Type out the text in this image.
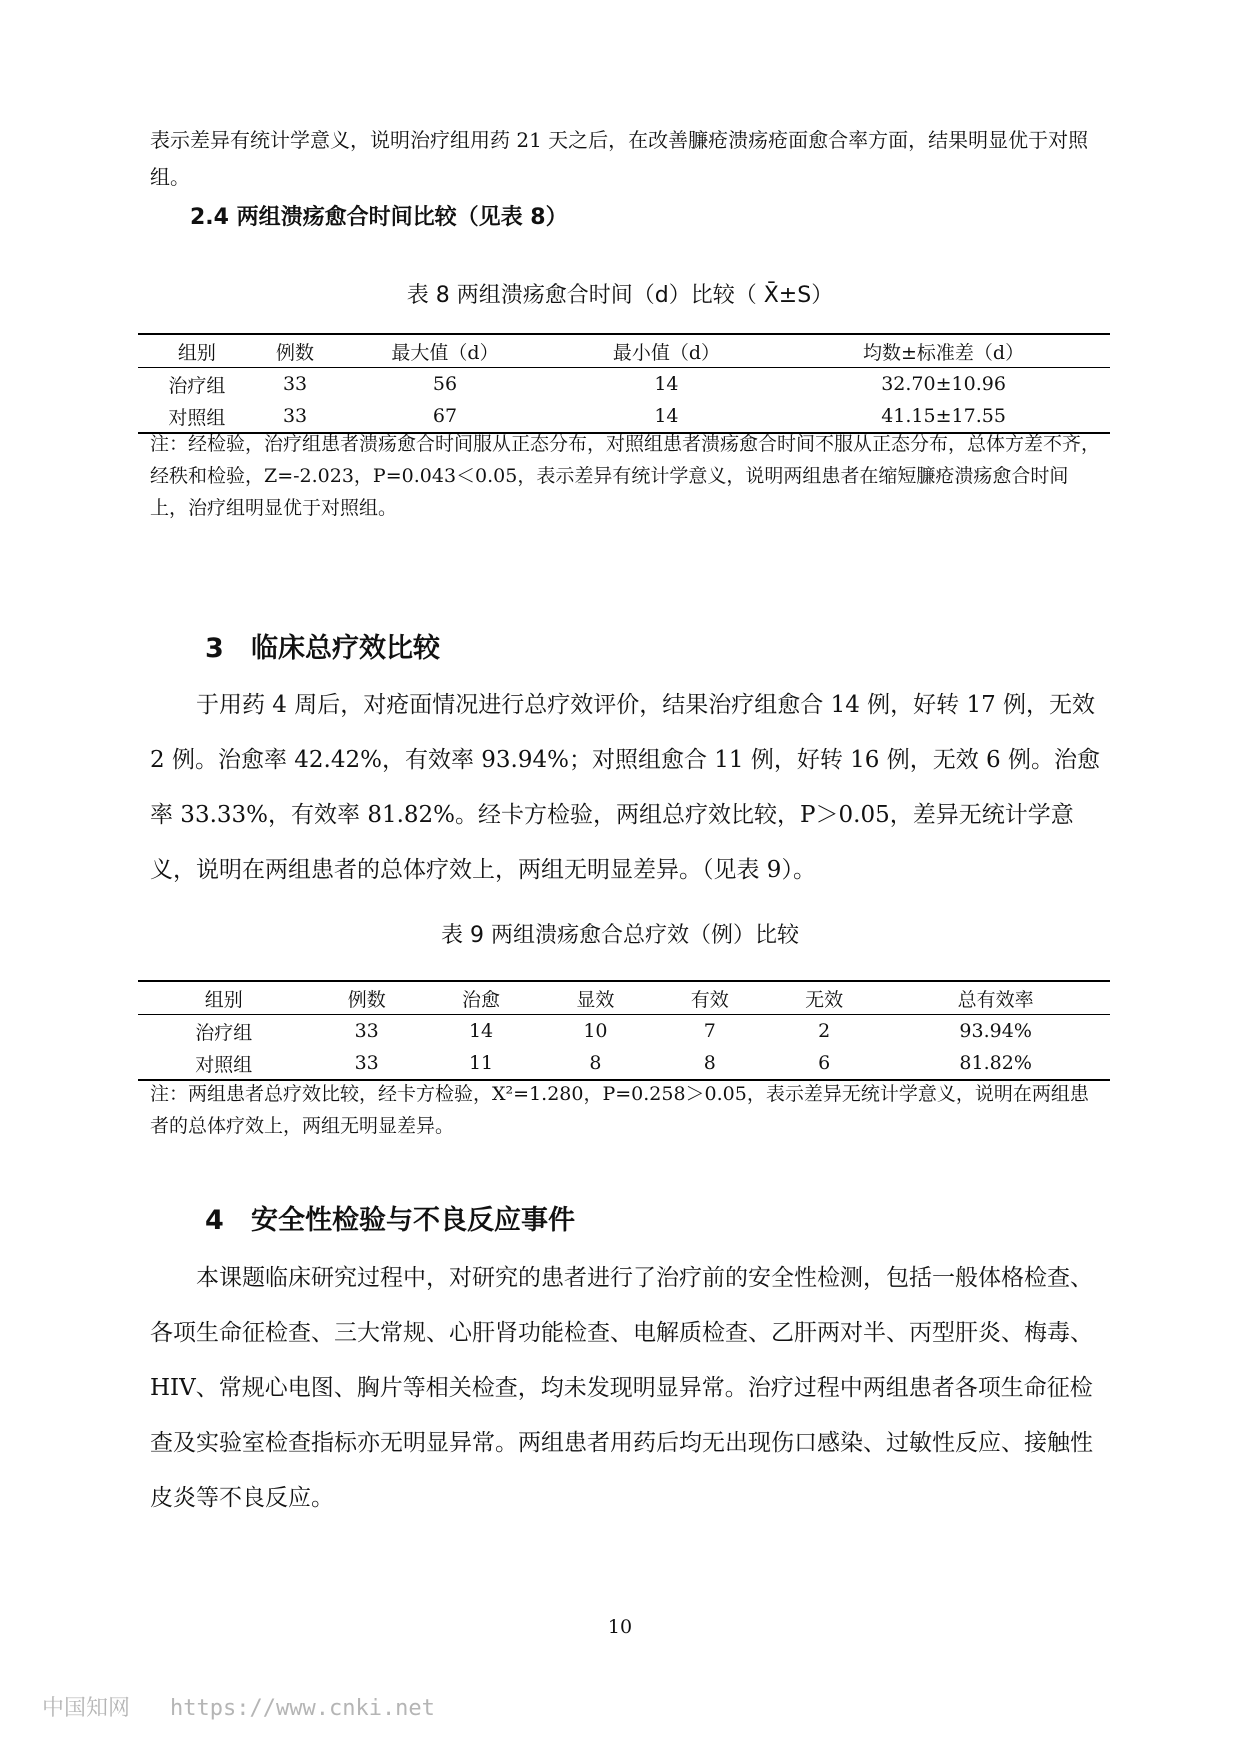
表示差异有统计学意义，说明治疗组用药 21 天之后，在改善臁疮溃疡疮面愈合率方面，结果明显优于对照组。

2.4 两组溃疡愈合时间比较（见表 8）

表 8 两组溃疡愈合时间（d）比较（ X̄±S）

组别	例数	最大值（d）	最小值（d）	均数±标准差（d）
治疗组	33	56	14	32.70±10.96
对照组	33	67	14	41.15±17.55

注：经检验，治疗组患者溃疡愈合时间服从正态分布，对照组患者溃疡愈合时间不服从正态分布，总体方差不齐，经秩和检验，Z=-2.023，P=0.043＜0.05，表示差异有统计学意义，说明两组患者在缩短臁疮溃疡愈合时间上，治疗组明显优于对照组。

3 临床总疗效比较

于用药 4 周后，对疮面情况进行总疗效评价，结果治疗组愈合 14 例，好转 17 例，无效 2 例。治愈率 42.42%，有效率 93.94%；对照组愈合 11 例，好转 16 例，无效 6 例。治愈率 33.33%，有效率 81.82%。经卡方检验，两组总疗效比较，P＞0.05，差异无统计学意义，说明在两组患者的总体疗效上，两组无明显差异。（见表 9）。

表 9 两组溃疡愈合总疗效（例）比较

组别	例数	治愈	显效	有效	无效	总有效率
治疗组	33	14	10	7	2	93.94%
对照组	33	11	8	8	6	81.82%

注：两组患者总疗效比较，经卡方检验，X²=1.280，P=0.258＞0.05，表示差异无统计学意义，说明在两组患者的总体疗效上，两组无明显差异。

4 安全性检验与不良反应事件

本课题临床研究过程中，对研究的患者进行了治疗前的安全性检测，包括一般体格检查、各项生命征检查、三大常规、心肝肾功能检查、电解质检查、乙肝两对半、丙型肝炎、梅毒、HIV、常规心电图、胸片等相关检查，均未发现明显异常。治疗过程中两组患者各项生命征检查及实验室检查指标亦无明显异常。两组患者用药后均无出现伤口感染、过敏性反应、接触性皮炎等不良反应。

10

中国知网 https://www.cnki.net
